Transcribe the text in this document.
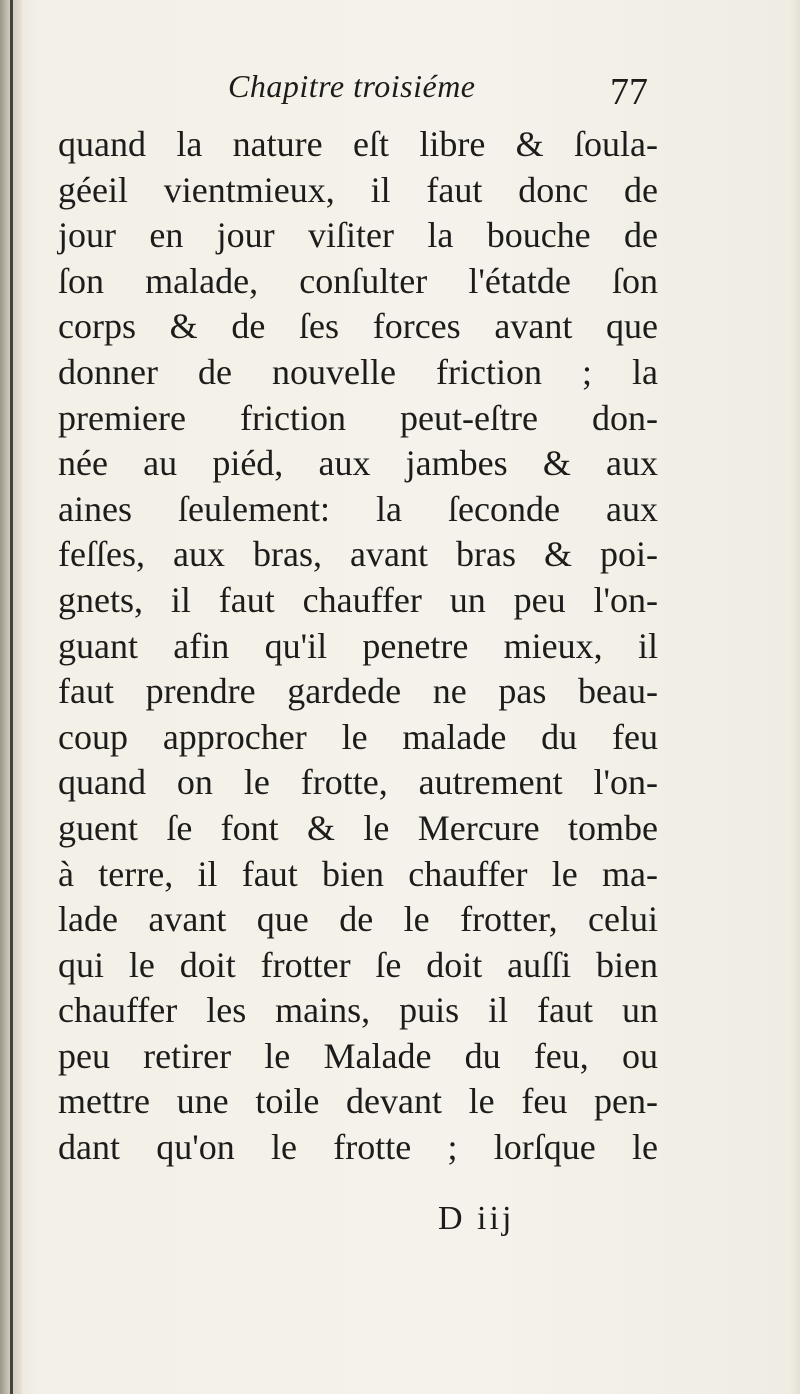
Chapitre troisiéme	77
quand la nature eſt libre & ſoula-
géeil vientmieux, il faut donc de
jour en jour viſiter la bouche de
ſon malade, conſulter l'étatde ſon
corps & de ſes forces avant que
donner de nouvelle friction ; la
premiere friction peut-eſtre don-
née au piéd, aux jambes & aux
aines ſeulement: la ſeconde aux
feſſes, aux bras, avant bras & poi-
gnets, il faut chauffer un peu l'on-
guant afin qu'il penetre mieux, il
faut prendre gardede ne pas beau-
coup approcher le malade du feu
quand on le frotte, autrement l'on-
guent ſe font & le Mercure tombe
à terre, il faut bien chauffer le ma-
lade avant que de le frotter, celui
qui le doit frotter ſe doit auſſi bien
chauffer les mains, puis il faut un
peu retirer le Malade du feu, ou
mettre une toile devant le feu pen-
dant qu'on le frotte ; lorſque le
D iij
